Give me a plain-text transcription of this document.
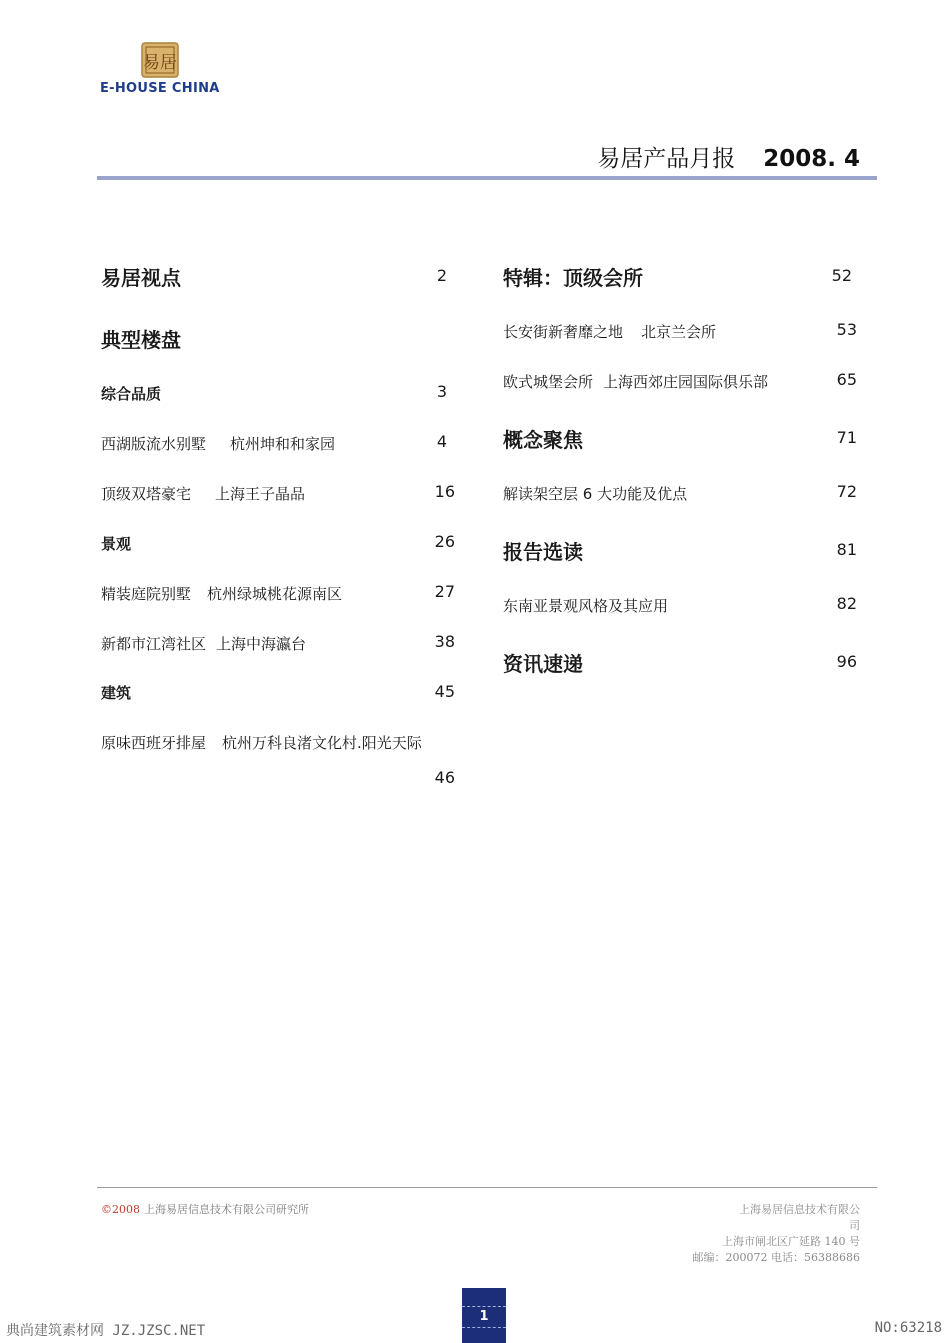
易居
E-HOUSE CHINA
易居产品月报 2008. 4
易居视点	2
典型楼盘
综合品质	3
西湖版流水别墅 杭州坤和和家园	4
顶级双塔豪宅 上海王子晶品	16
景观	26
精装庭院别墅 杭州绿城桃花源南区	27
新都市江湾社区 上海中海瀛台	38
建筑	45
原味西班牙排屋 杭州万科良渚文化村.阳光天际
46
特辑：顶级会所	52
长安街新奢靡之地 北京兰会所	53
欧式城堡会所 上海西郊庄园国际俱乐部	65
概念聚焦	71
解读架空层 6 大功能及优点	72
报告选读	81
东南亚景观风格及其应用	82
资讯速递	96
©2008 上海易居信息技术有限公司研究所	上海易居信息技术有限公
司
上海市闸北区广延路 140 号
邮编：200072 电话：56388686
1
典尚建筑素材网 JZ.JZSC.NET	NO:63218
